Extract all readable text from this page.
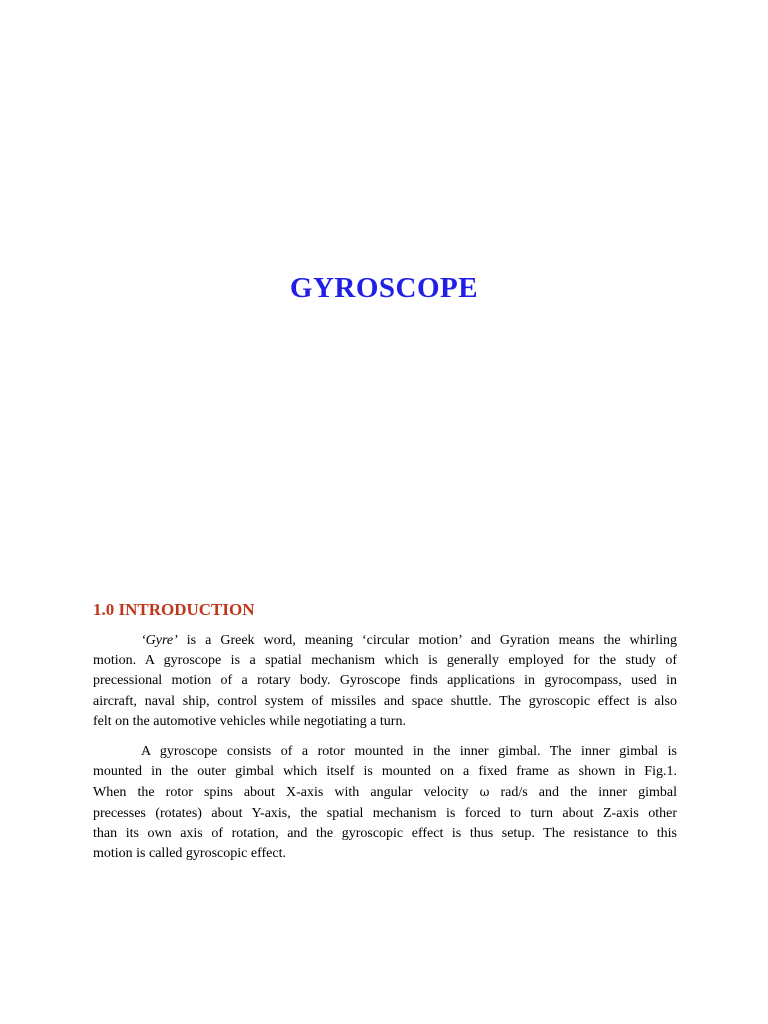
GYROSCOPE
1.0 INTRODUCTION
‘Gyre’ is a Greek word, meaning ‘circular motion’ and Gyration means the whirling
motion. A gyroscope is a spatial mechanism which is generally employed for the study of
precessional motion of a rotary body. Gyroscope finds applications in gyrocompass, used in
aircraft, naval ship, control system of missiles and space shuttle. The gyroscopic effect is also
felt on the automotive vehicles while negotiating a turn.
A gyroscope consists of a rotor mounted in the inner gimbal. The inner gimbal is
mounted in the outer gimbal which itself is mounted on a fixed frame as shown in Fig.1.
When the rotor spins about X-axis with angular velocity ω rad/s and the inner gimbal
precesses (rotates) about Y-axis, the spatial mechanism is forced to turn about Z-axis other
than its own axis of rotation, and the gyroscopic effect is thus setup. The resistance to this
motion is called gyroscopic effect.
